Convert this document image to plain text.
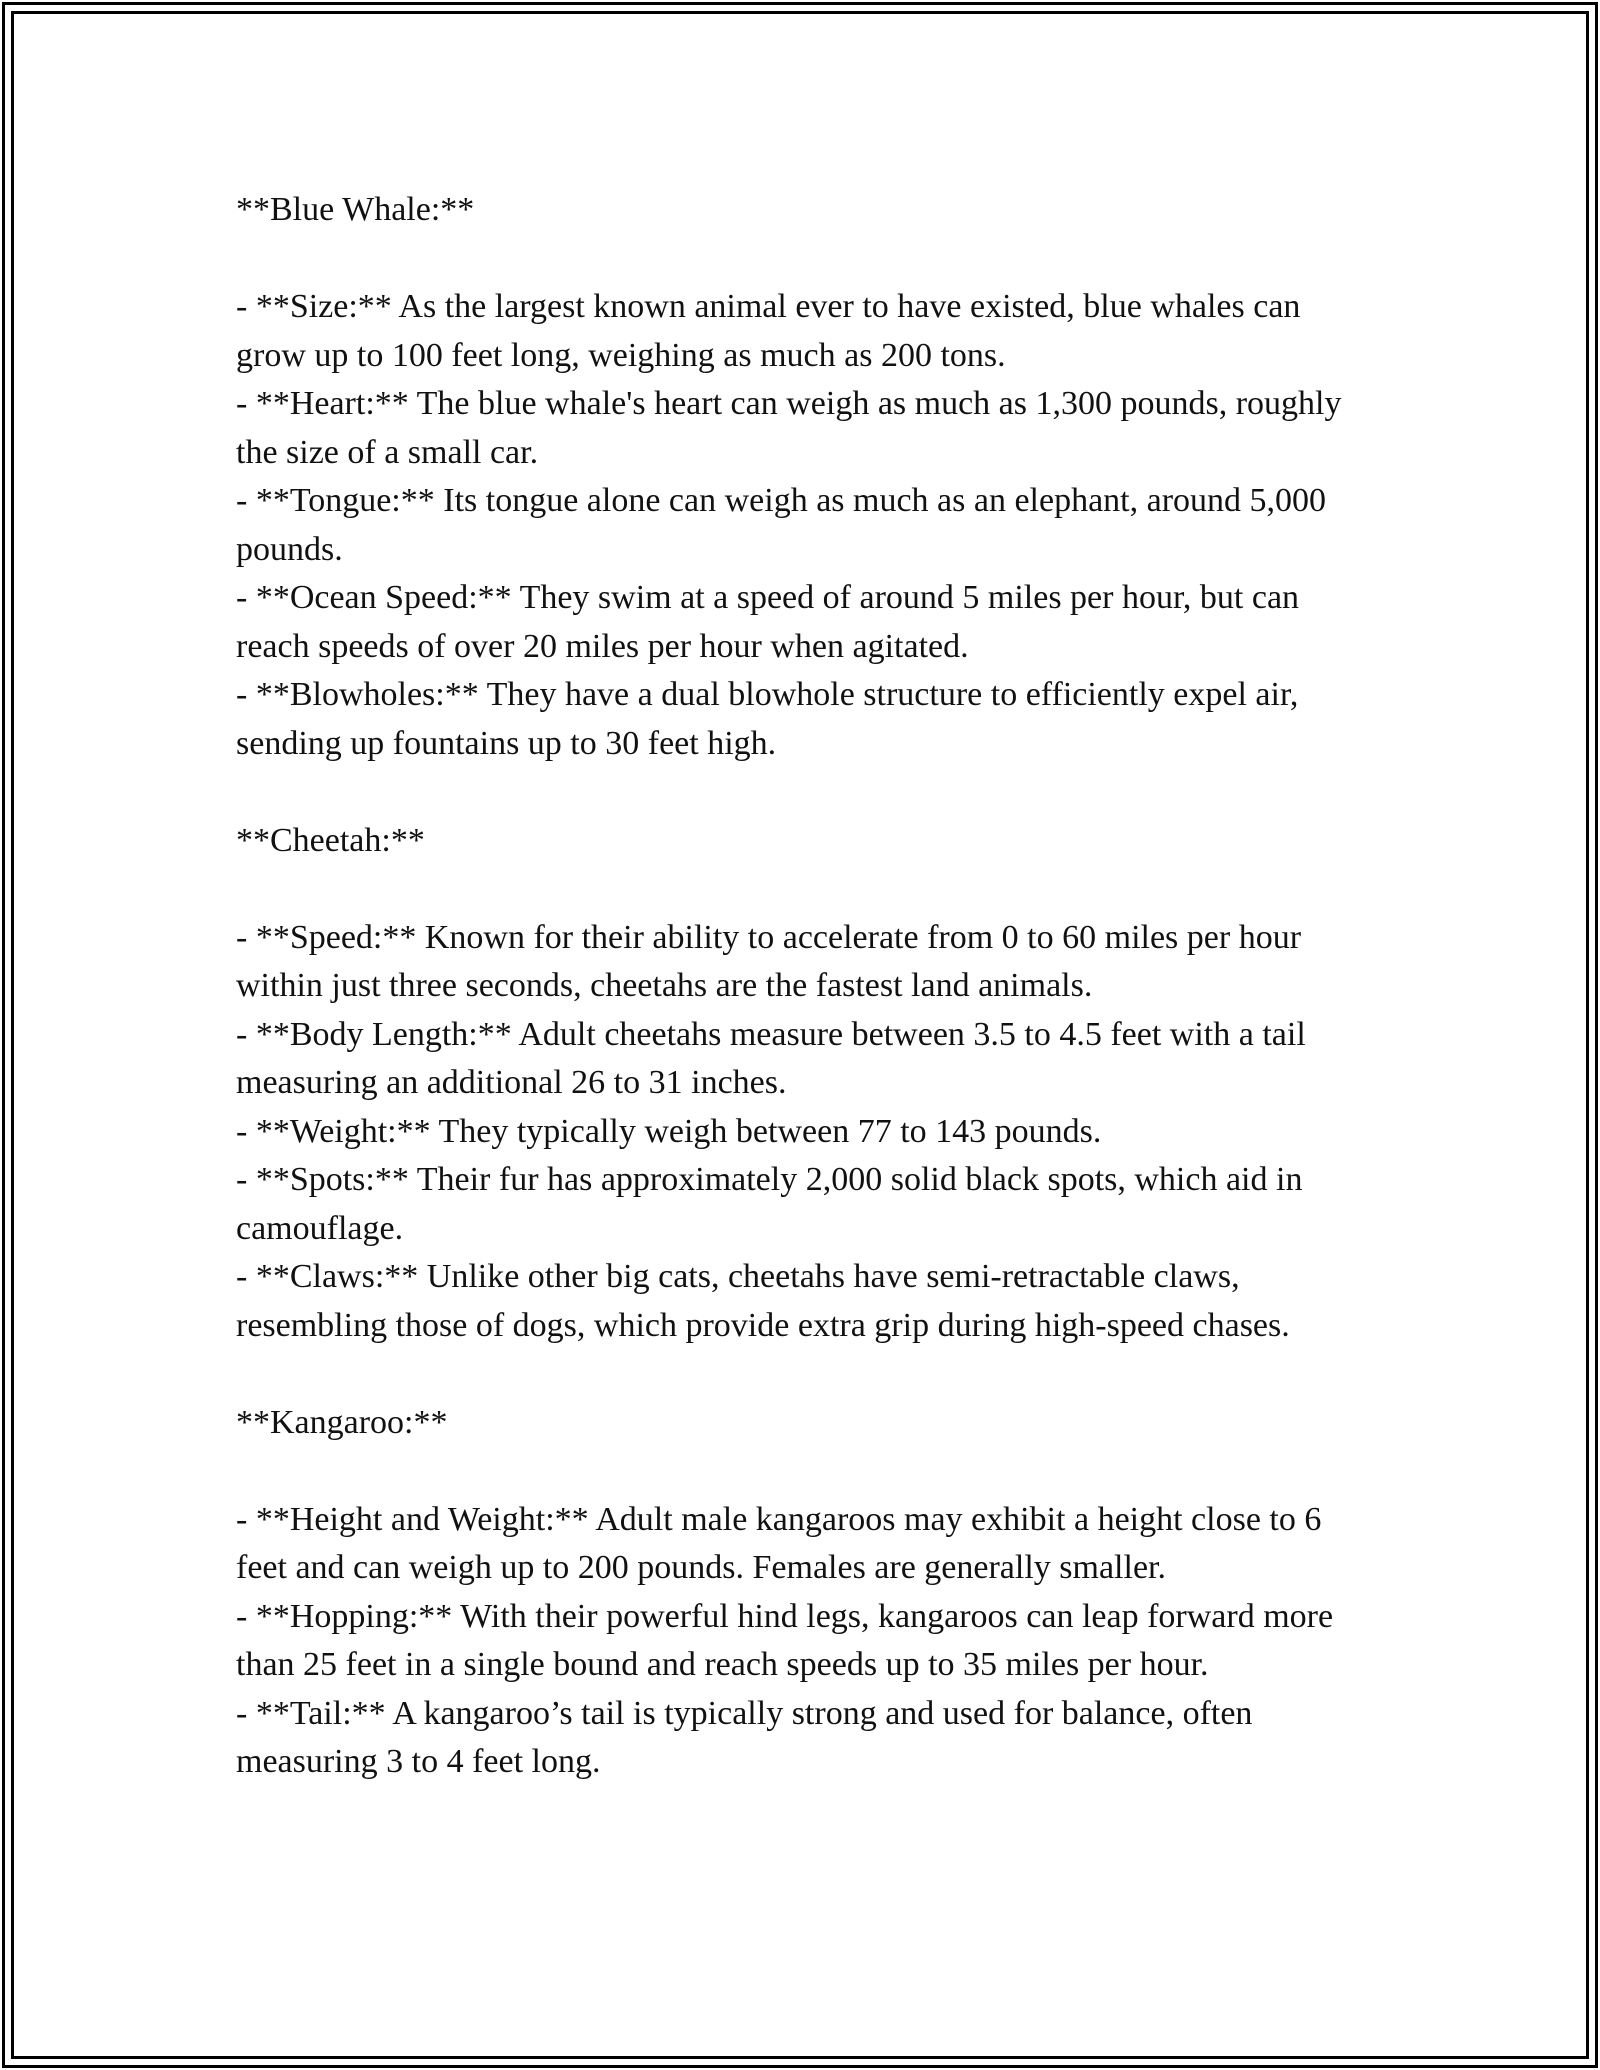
**Blue Whale:**

- **Size:** As the largest known animal ever to have existed, blue whales can grow up to 100 feet long, weighing as much as 200 tons.

- **Heart:** The blue whale's heart can weigh as much as 1,300 pounds, roughly the size of a small car.

- **Tongue:** Its tongue alone can weigh as much as an elephant, around 5,000 pounds.

- **Ocean Speed:** They swim at a speed of around 5 miles per hour, but can reach speeds of over 20 miles per hour when agitated.

- **Blowholes:** They have a dual blowhole structure to efficiently expel air, sending up fountains up to 30 feet high.

**Cheetah:**

- **Speed:** Known for their ability to accelerate from 0 to 60 miles per hour within just three seconds, cheetahs are the fastest land animals.

- **Body Length:** Adult cheetahs measure between 3.5 to 4.5 feet with a tail measuring an additional 26 to 31 inches.

- **Weight:** They typically weigh between 77 to 143 pounds.

- **Spots:** Their fur has approximately 2,000 solid black spots, which aid in camouflage.

- **Claws:** Unlike other big cats, cheetahs have semi-retractable claws, resembling those of dogs, which provide extra grip during high-speed chases.

**Kangaroo:**

- **Height and Weight:** Adult male kangaroos may exhibit a height close to 6 feet and can weigh up to 200 pounds. Females are generally smaller.

- **Hopping:** With their powerful hind legs, kangaroos can leap forward more than 25 feet in a single bound and reach speeds up to 35 miles per hour.

- **Tail:** A kangaroo’s tail is typically strong and used for balance, often measuring 3 to 4 feet long.
